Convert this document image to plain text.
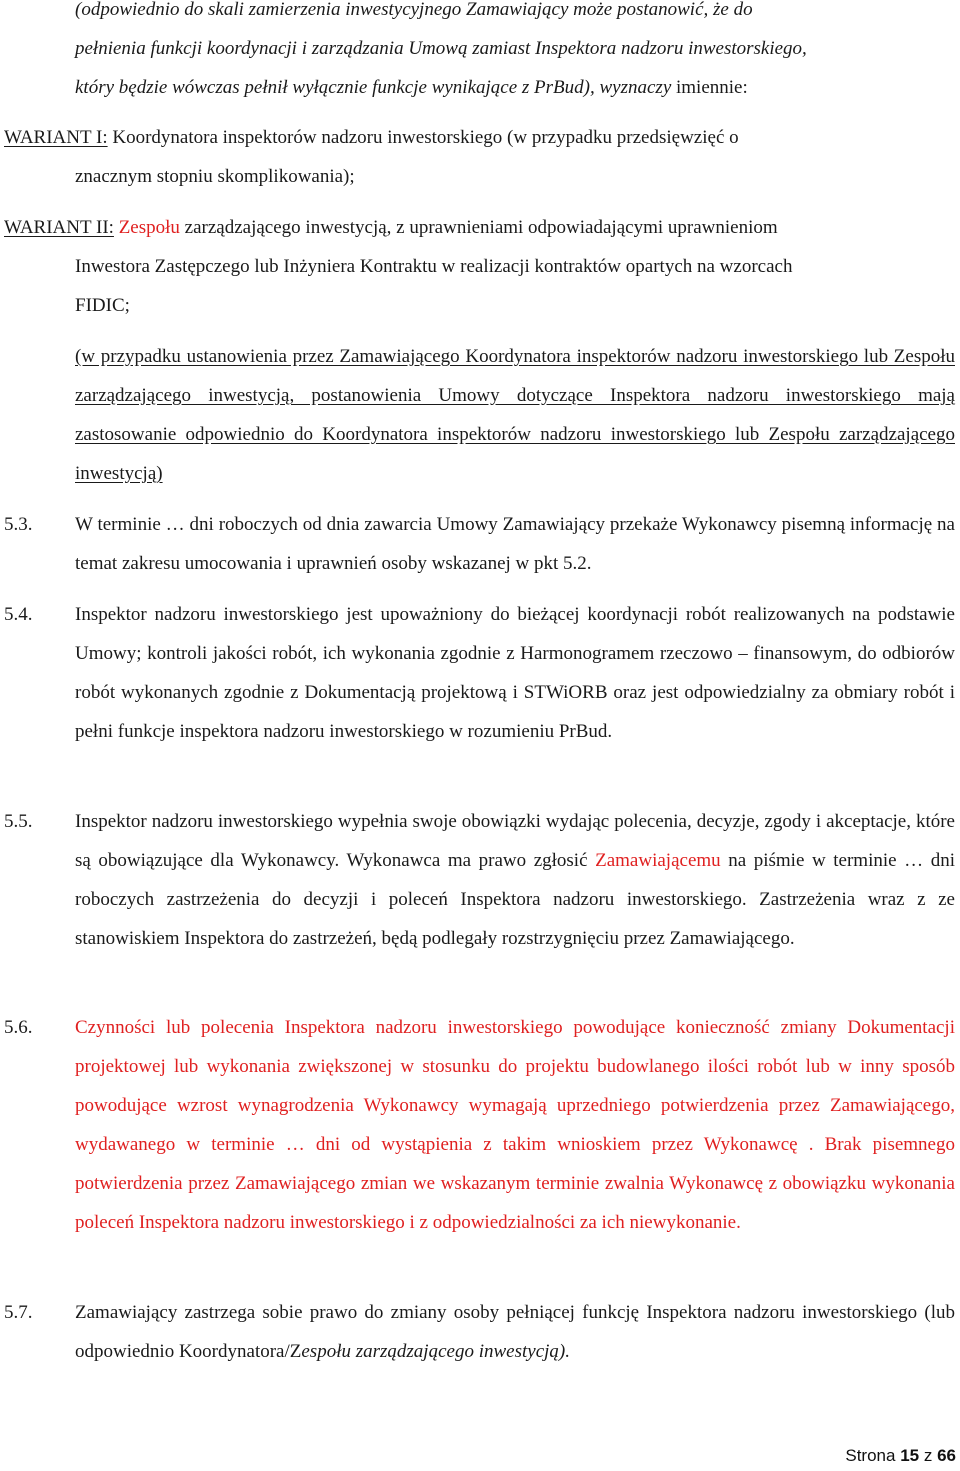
(odpowiednio do skali zamierzenia inwestycyjnego Zamawiający może postanowić, że do
pełnienia funkcji koordynacji i zarządzania Umową zamiast Inspektora nadzoru inwestorskiego,
który będzie wówczas pełnił wyłącznie funkcje wynikające z PrBud), wyznaczy imiennie:
WARIANT I: Koordynatora inspektorów nadzoru inwestorskiego (w przypadku przedsięwzięć o
znacznym stopniu skomplikowania);
WARIANT II: Zespołu zarządzającego inwestycją, z uprawnieniami odpowiadającymi uprawnieniom
Inwestora Zastępczego lub Inżyniera Kontraktu w realizacji kontraktów opartych na wzorcach
FIDIC;
(w przypadku ustanowienia przez Zamawiającego Koordynatora inspektorów nadzoru inwestorskiego lub Zespołu zarządzającego inwestycją, postanowienia Umowy dotyczące Inspektora nadzoru inwestorskiego mają zastosowanie odpowiednio do Koordynatora inspektorów nadzoru inwestorskiego lub Zespołu zarządzającego inwestycją)
5.3. W terminie … dni roboczych od dnia zawarcia Umowy Zamawiający przekaże Wykonawcy pisemną informację na temat zakresu umocowania i uprawnień osoby wskazanej w pkt 5.2.
5.4. Inspektor nadzoru inwestorskiego jest upoważniony do bieżącej koordynacji robót realizowanych na podstawie Umowy; kontroli jakości robót, ich wykonania zgodnie z Harmonogramem rzeczowo – finansowym, do odbiorów robót wykonanych zgodnie z Dokumentacją projektową i STWiORB oraz jest odpowiedzialny za obmiary robót i pełni funkcje inspektora nadzoru inwestorskiego w rozumieniu PrBud.
5.5. Inspektor nadzoru inwestorskiego wypełnia swoje obowiązki wydając polecenia, decyzje, zgody i akceptacje, które są obowiązujące dla Wykonawcy. Wykonawca ma prawo zgłosić Zamawiającemu na piśmie w terminie … dni roboczych zastrzeżenia do decyzji i poleceń Inspektora nadzoru inwestorskiego. Zastrzeżenia wraz z ze stanowiskiem Inspektora do zastrzeżeń, będą podlegały rozstrzygnięciu przez Zamawiającego.
5.6. Czynności lub polecenia Inspektora nadzoru inwestorskiego powodujące konieczność zmiany Dokumentacji projektowej lub wykonania zwiększonej w stosunku do projektu budowlanego ilości robót lub w inny sposób powodujące wzrost wynagrodzenia Wykonawcy wymagają uprzedniego potwierdzenia przez Zamawiającego, wydawanego w terminie … dni od wystąpienia z takim wnioskiem przez Wykonawcę . Brak pisemnego potwierdzenia przez Zamawiającego zmian we wskazanym terminie zwalnia Wykonawcę z obowiązku wykonania poleceń Inspektora nadzoru inwestorskiego i z odpowiedzialności za ich niewykonanie.
5.7. Zamawiający zastrzega sobie prawo do zmiany osoby pełniącej funkcję Inspektora nadzoru inwestorskiego (lub odpowiednio Koordynatora/Zespołu zarządzającego inwestycją).
Strona 15 z 66
